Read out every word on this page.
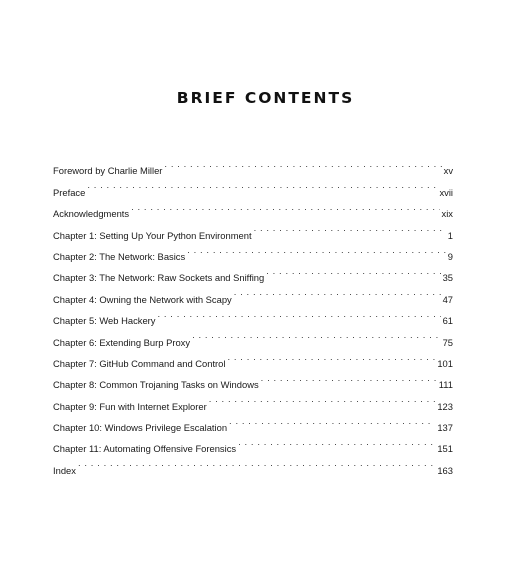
BRIEF CONTENTS
Foreword by Charlie Miller . . .	xv
Preface . . .	xvii
Acknowledgments . . .	xix
Chapter 1: Setting Up Your Python Environment . . .	1
Chapter 2: The Network: Basics . . .	9
Chapter 3: The Network: Raw Sockets and Sniffing . . .	35
Chapter 4: Owning the Network with Scapy . . .	47
Chapter 5: Web Hackery . . .	61
Chapter 6: Extending Burp Proxy . . .	75
Chapter 7: GitHub Command and Control . . .	101
Chapter 8: Common Trojaning Tasks on Windows . . .	111
Chapter 9: Fun with Internet Explorer . . .	123
Chapter 10: Windows Privilege Escalation . . .	137
Chapter 11: Automating Offensive Forensics . . .	151
Index . . .	163
